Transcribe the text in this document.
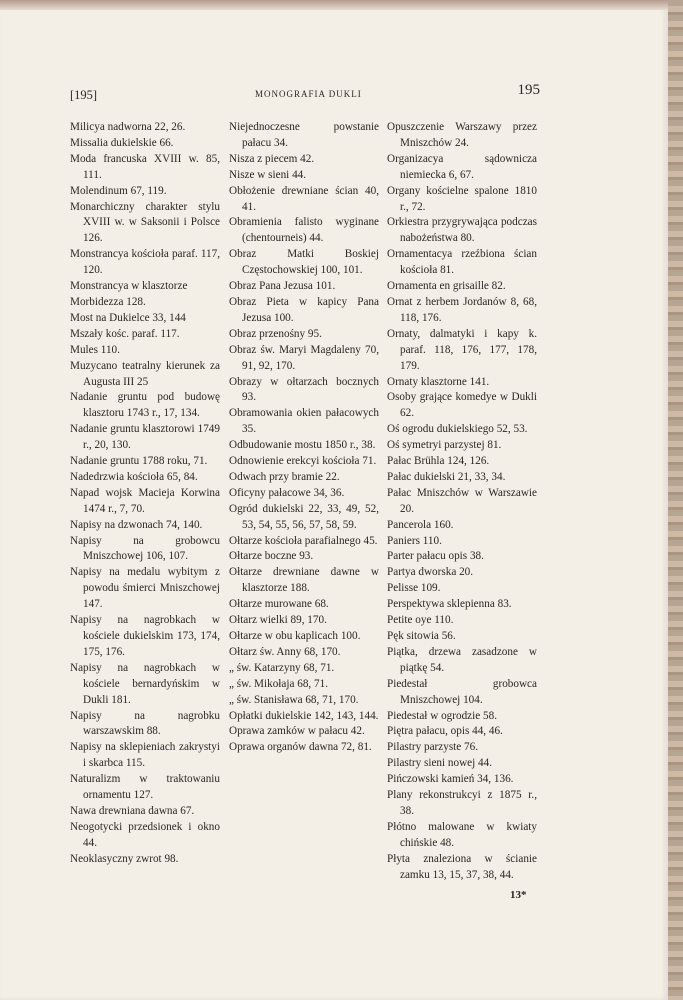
[195]	MONOGRAFIA DUKLI	195

Milicya nadworna 22, 26.

Missalia dukielskie 66.

Moda francuska XVIII w. 85, 111.

Molendinum 67, 119.

Monarchiczny charakter stylu XVIII w. w Saksonii i Polsce 126.

Monstrancya kościoła paraf. 117, 120.

Monstrancya w klasztorze

Morbidezza 128.

Most na Dukielce 33, 144

Mszały kośc. paraf. 117.

Mules 110.

Muzycano teatralny kierunek za Augusta III 25

Nadanie gruntu pod budowę klasztoru 1743 r., 17, 134.

Nadanie gruntu klasztorowi 1749 r., 20, 130.

Nadanie gruntu 1788 roku, 71.

Nadedrzwia kościoła 65, 84.

Napad wojsk Macieja Korwina 1474 r., 7, 70.

Napisy na dzwonach 74, 140.

Napisy na grobowcu Mniszchowej 106, 107.

Napisy na medalu wybitym z powodu śmierci Mniszchowej 147.

Napisy na nagrobkach w kościele dukielskim 173, 174, 175, 176.

Napisy na nagrobkach w kościele bernardyńskim w Dukli 181.

Napisy na nagrobku warszawskim 88.

Napisy na sklepieniach zakrystyi i skarbca 115.

Naturalizm w traktowaniu ornamentu 127.

Nawa drewniana dawna 67.

Neogotycki przedsionek i okno 44.

Neoklasyczny zwrot 98.

Niejednoczesne powstanie pałacu 34.

Nisza z piecem 42.

Nisze w sieni 44.

Obłożenie drewniane ścian 40, 41.

Obramienia falisto wyginane (chentourneis) 44.

Obraz Matki Boskiej Częstochowskiej 100, 101.

Obraz Pana Jezusa 101.

Obraz Pieta w kapicy Pana Jezusa 100.

Obraz przenośny 95.

Obraz św. Maryi Magdaleny 70, 91, 92, 170.

Obrazy w ołtarzach bocznych 93.

Obramowania okien pałacowych 35.

Odbudowanie mostu 1850 r., 38.

Odnowienie erekcyi kościoła 71.

Odwach przy bramie 22.

Oficyny pałacowe 34, 36.

Ogród dukielski 22, 33, 49, 52, 53, 54, 55, 56, 57, 58, 59.

Ołtarze kościoła parafialnego 45.

Ołtarze boczne 93.

Ołtarze drewniane dawne w klasztorze 188.

Ołtarze murowane 68.

Ołtarz wielki 89, 170.

Ołtarze w obu kaplicach 100.

Ołtarz św. Anny 68, 170.

„ św. Katarzyny 68, 71.

„ św. Mikołaja 68, 71.

„ św. Stanisława 68, 71, 170.

Opłatki dukielskie 142, 143, 144.

Oprawa zamków w pałacu 42.

Oprawa organów dawna 72, 81.

Opuszczenie Warszawy przez Mniszchów 24.

Organizacya sądownicza niemiecka 6, 67.

Organy kościelne spalone 1810 r., 72.

Orkiestra przygrywająca podczas nabożeństwa 80.

Ornamentacya rzeźbiona ścian kościoła 81.

Ornamenta en grisaille 82.

Ornat z herbem Jordanów 8, 68, 118, 176.

Ornaty, dalmatyki i kapy k. paraf. 118, 176, 177, 178, 179.

Ornaty klasztorne 141.

Osoby grające komedye w Dukli 62.

Oś ogrodu dukielskiego 52, 53.

Oś symetryi parzystej 81.

Pałac Brühla 124, 126.

Pałac dukielski 21, 33, 34.

Pałac Mniszchów w Warszawie 20.

Pancerola 160.

Paniers 110.

Parter pałacu opis 38.

Partya dworska 20.

Pelisse 109.

Perspektywa sklepienna 83.

Petite oye 110.

Pęk sitowia 56.

Piątka, drzewa zasadzone w piątkę 54.

Piedestał grobowca Mniszchowej 104.

Piedestał w ogrodzie 58.

Piętra pałacu, opis 44, 46.

Pilastry parzyste 76.

Pilastry sieni nowej 44.

Pińczowski kamień 34, 136.

Plany rekonstrukcyi z 1875 r., 38.

Płótno malowane w kwiaty chińskie 48.

Płyta znaleziona w ścianie zamku 13, 15, 37, 38, 44.

13*
